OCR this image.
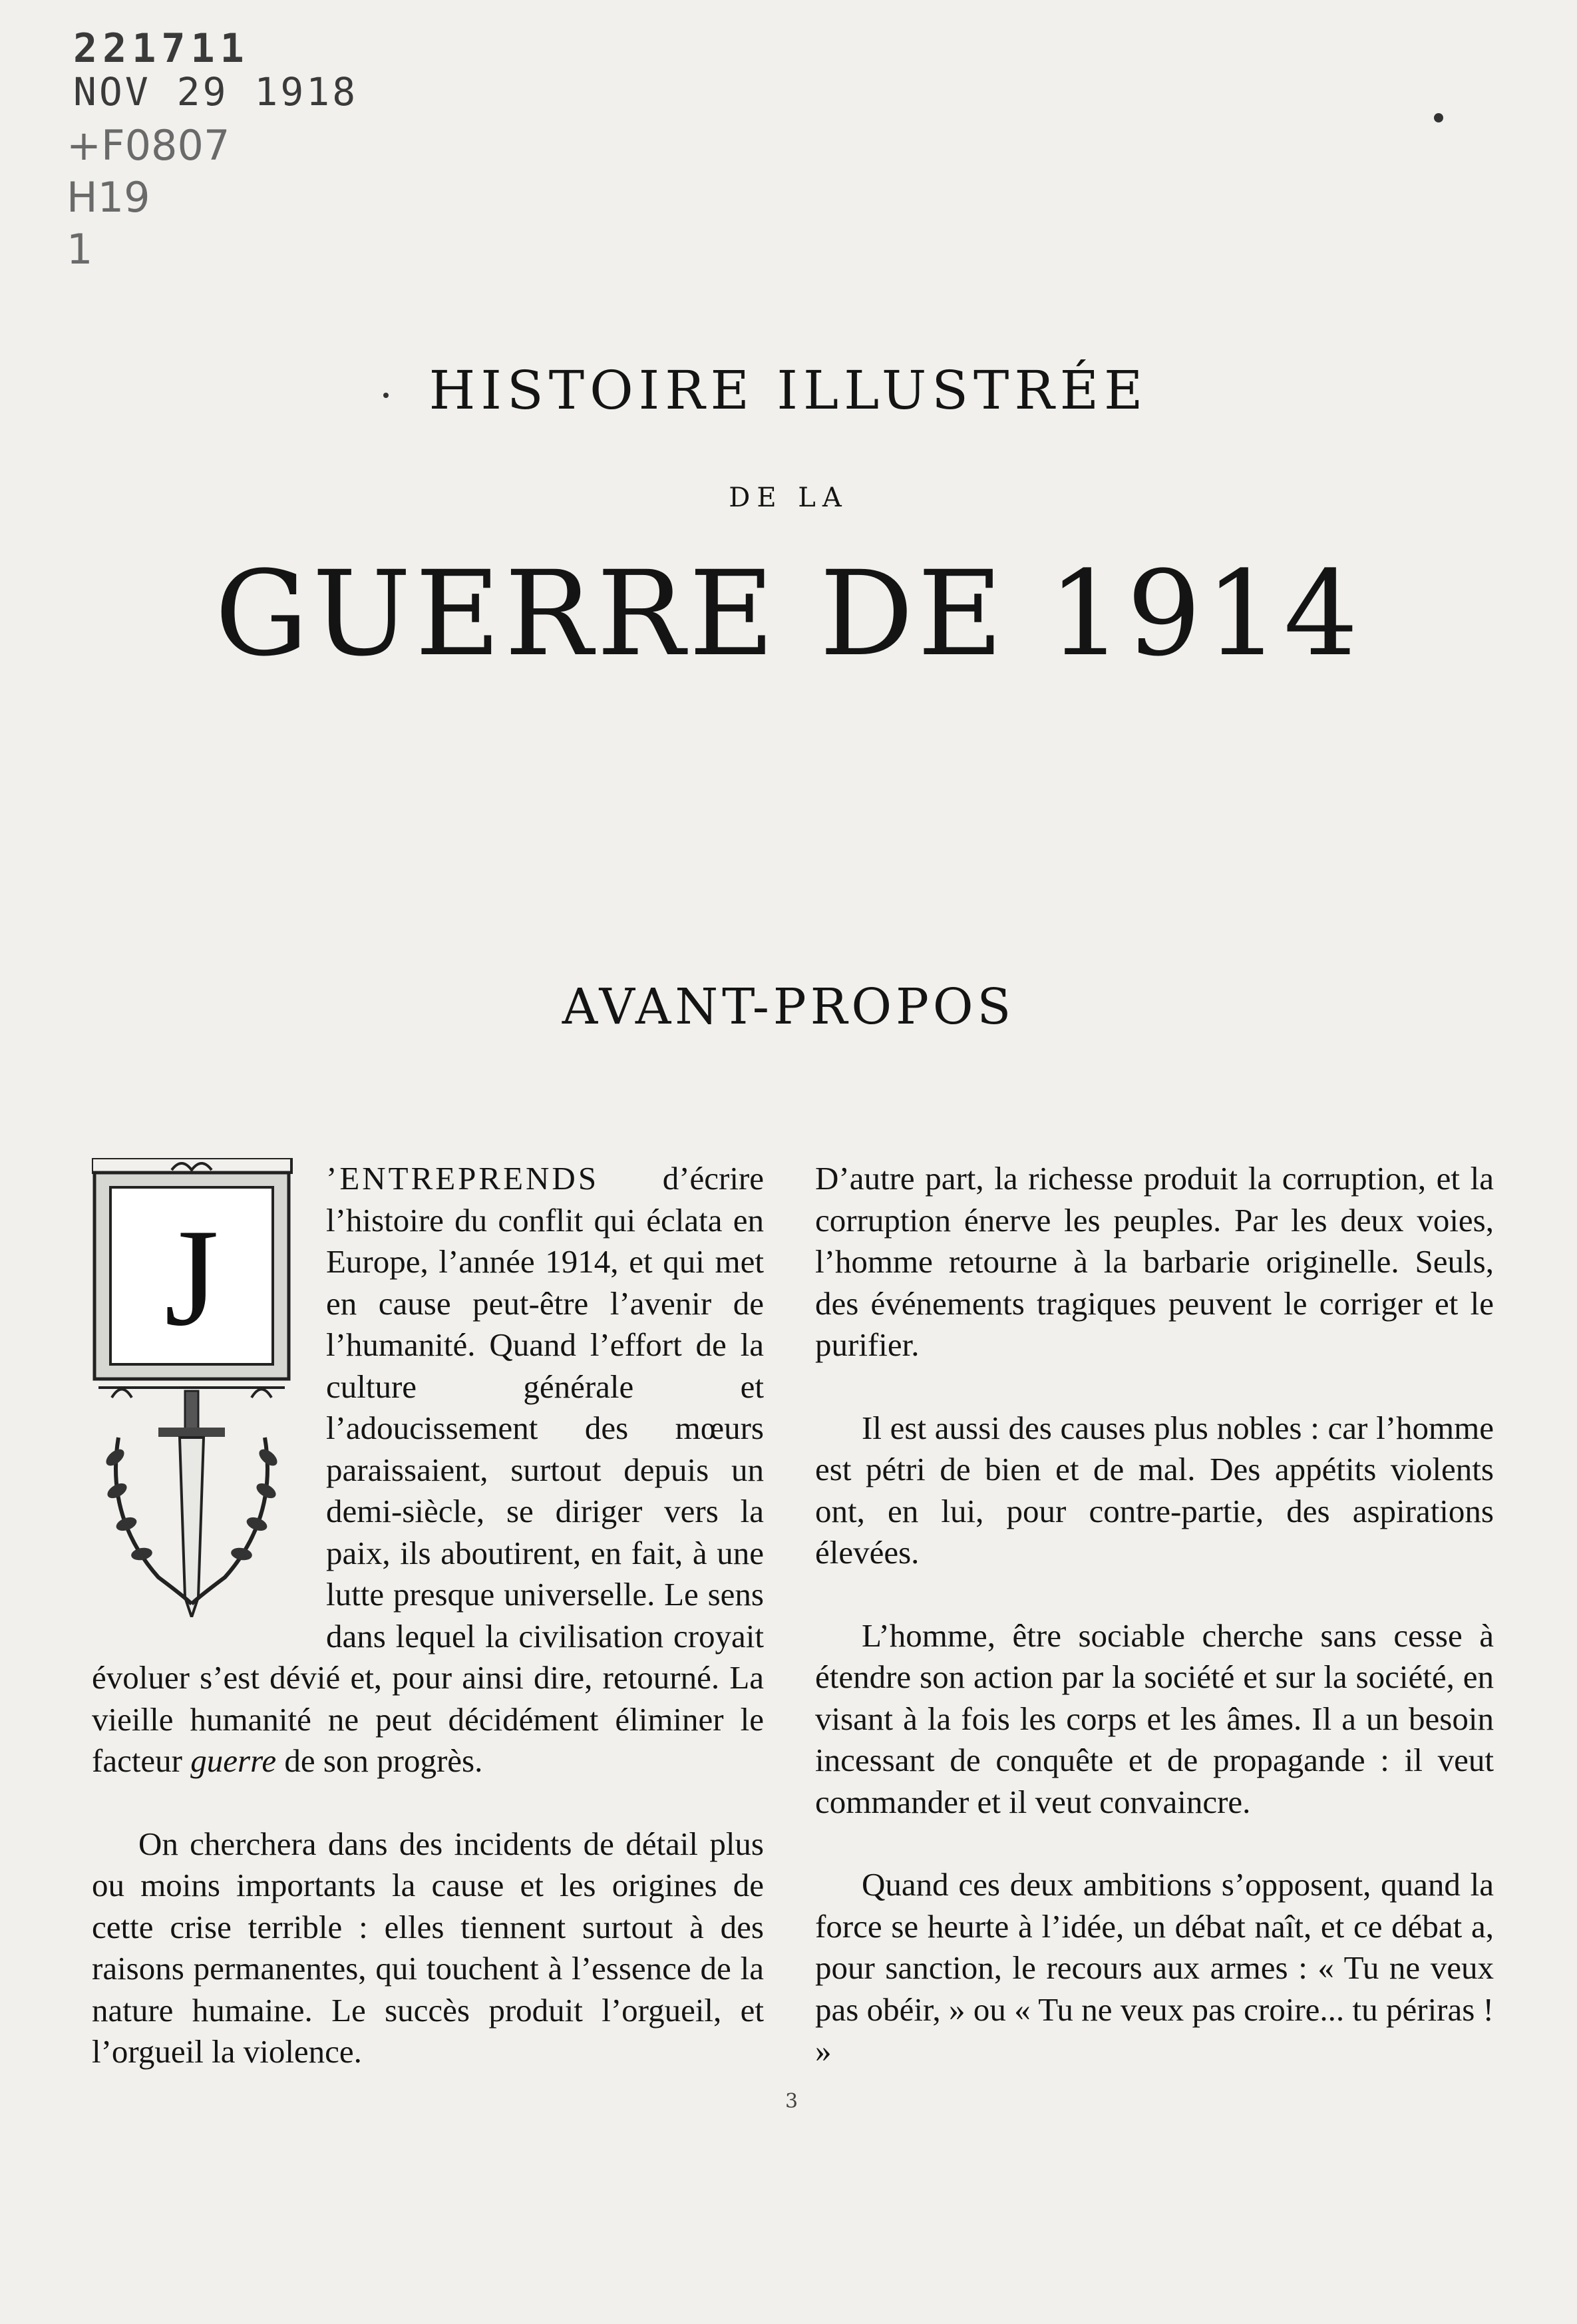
221711
NOV 29 1918
+F0807
H19
1
HISTOIRE ILLUSTRÉE
DE LA
GUERRE DE 1914
AVANT-PROPOS
J

’ENTREPRENDS d’écrire l’histoire du conflit qui éclata en Europe, l’année 1914, et qui met en cause peut-être l’avenir de l’humanité. Quand l’effort de la culture générale et l’adoucissement des mœurs paraissaient, surtout depuis un demi-siècle, se diriger vers la paix, ils aboutirent, en fait, à une lutte presque universelle. Le sens dans lequel la civilisation croyait évoluer s’est dévié et, pour ainsi dire, retourné. La vieille humanité ne peut décidément éliminer le facteur guerre de son progrès.

On cherchera dans des incidents de détail plus ou moins importants la cause et les origines de cette crise terrible : elles tiennent surtout à des raisons permanentes, qui touchent à l’essence de la nature humaine. Le succès produit l’orgueil, et l’orgueil la violence.

D’autre part, la richesse produit la corruption, et la corruption énerve les peuples. Par les deux voies, l’homme retourne à la barbarie originelle. Seuls, des événements tragiques peuvent le corriger et le purifier.

Il est aussi des causes plus nobles : car l’homme est pétri de bien et de mal. Des appétits violents ont, en lui, pour contre-partie, des aspirations élevées.

L’homme, être sociable cherche sans cesse à étendre son action par la société et sur la société, en visant à la fois les corps et les âmes. Il a un besoin incessant de conquête et de propagande : il veut commander et il veut convaincre.

Quand ces deux ambitions s’opposent, quand la force se heurte à l’idée, un débat naît, et ce débat a, pour sanction, le recours aux armes : « Tu ne veux pas obéir, » ou « Tu ne veux pas croire... tu périras ! »

3
